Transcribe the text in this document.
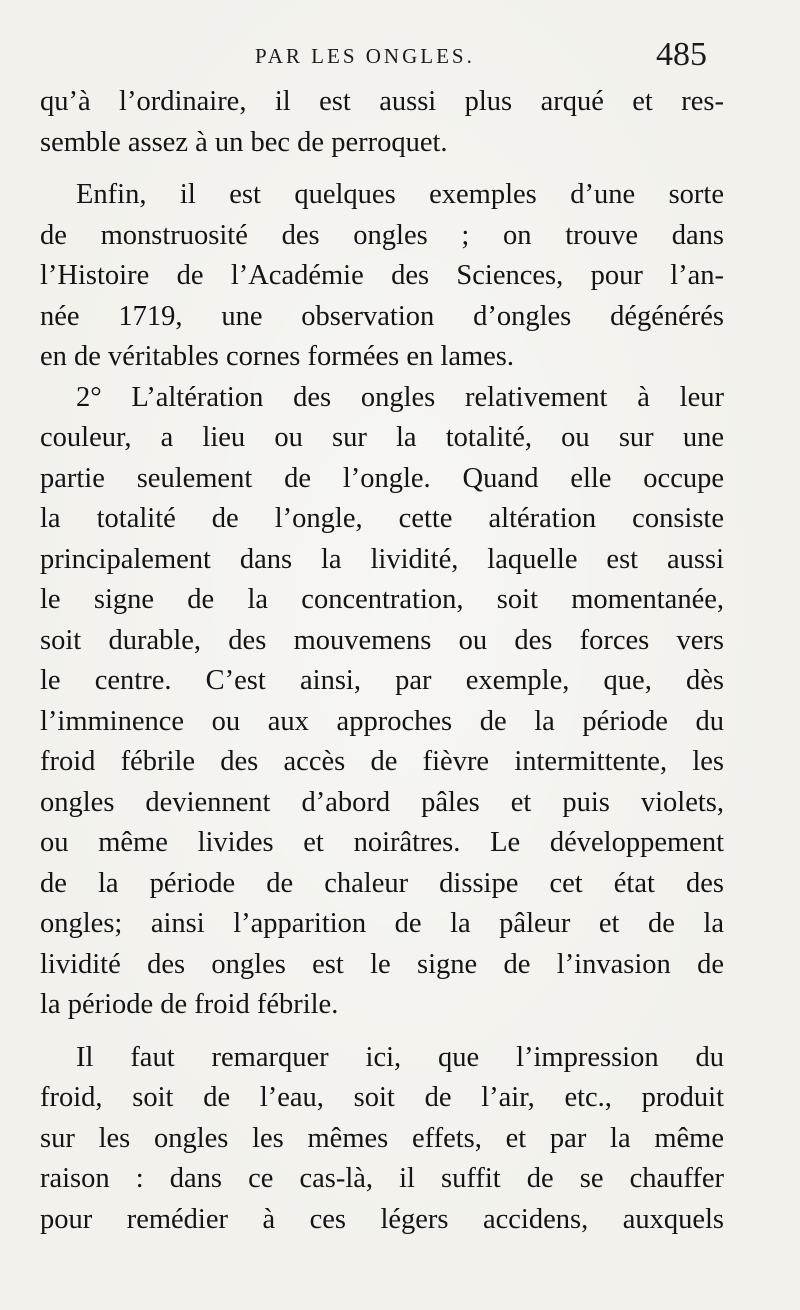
PAR LES ONGLES.	485
qu’à l’ordinaire, il est aussi plus arqué et res-
semble assez à un bec de perroquet.
Enfin, il est quelques exemples d’une sorte
de monstruosité des ongles ; on trouve dans
l’Histoire de l’Académie des Sciences, pour l’an-
née 1719, une observation d’ongles dégénérés
en de véritables cornes formées en lames.
2° L’altération des ongles relativement à leur
couleur, a lieu ou sur la totalité, ou sur une
partie seulement de l’ongle. Quand elle occupe
la totalité de l’ongle, cette altération consiste
principalement dans la lividité, laquelle est aussi
le signe de la concentration, soit momentanée,
soit durable, des mouvemens ou des forces vers
le centre. C’est ainsi, par exemple, que, dès
l’imminence ou aux approches de la période du
froid fébrile des accès de fièvre intermittente, les
ongles deviennent d’abord pâles et puis violets,
ou même livides et noirâtres. Le développement
de la période de chaleur dissipe cet état des
ongles; ainsi l’apparition de la pâleur et de la
lividité des ongles est le signe de l’invasion de
la période de froid fébrile.
Il faut remarquer ici, que l’impression du
froid, soit de l’eau, soit de l’air, etc., produit
sur les ongles les mêmes effets, et par la même
raison : dans ce cas-là, il suffit de se chauffer
pour remédier à ces légers accidens, auxquels
